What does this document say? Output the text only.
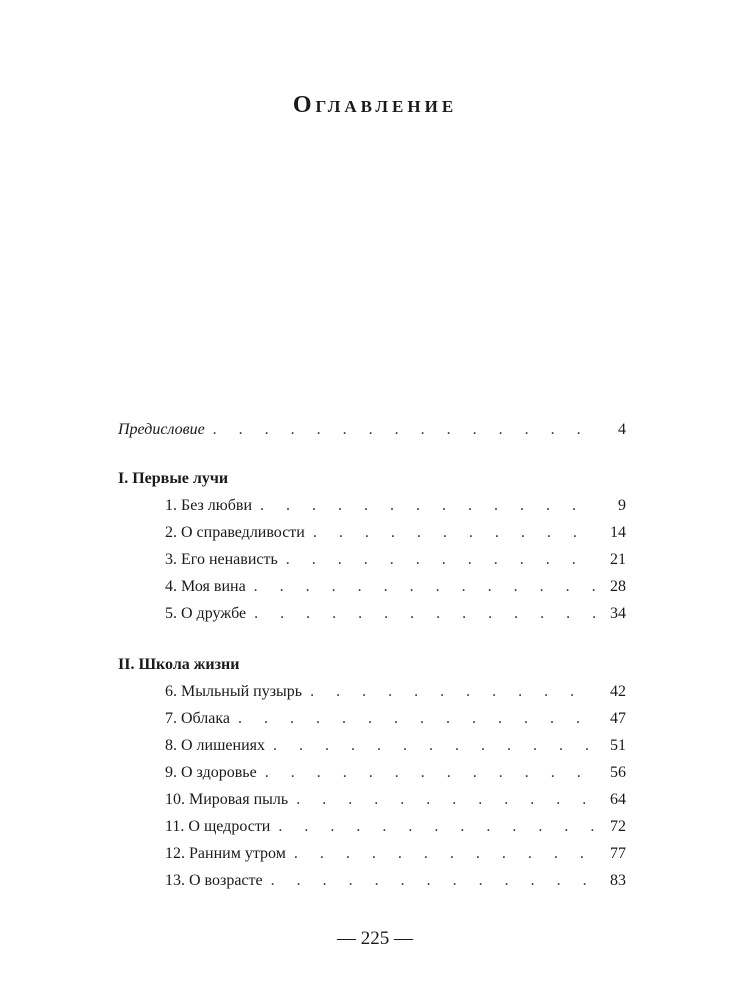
Оглавление
Предисловие . . .	4
I. Первые лучи
1. Без любви . . .	9
2. О справедливости . . .	14
3. Его ненависть . . .	21
4. Моя вина . . .	28
5. О дружбе . . .	34
II. Школа жизни
6. Мыльный пузырь . . .	42
7. Облака . . .	47
8. О лишениях . . .	51
9. О здоровье . . .	56
10. Мировая пыль . . .	64
11. О щедрости . . .	72
12. Ранним утром . . .	77
13. О возрасте . . .	83
— 225 —
